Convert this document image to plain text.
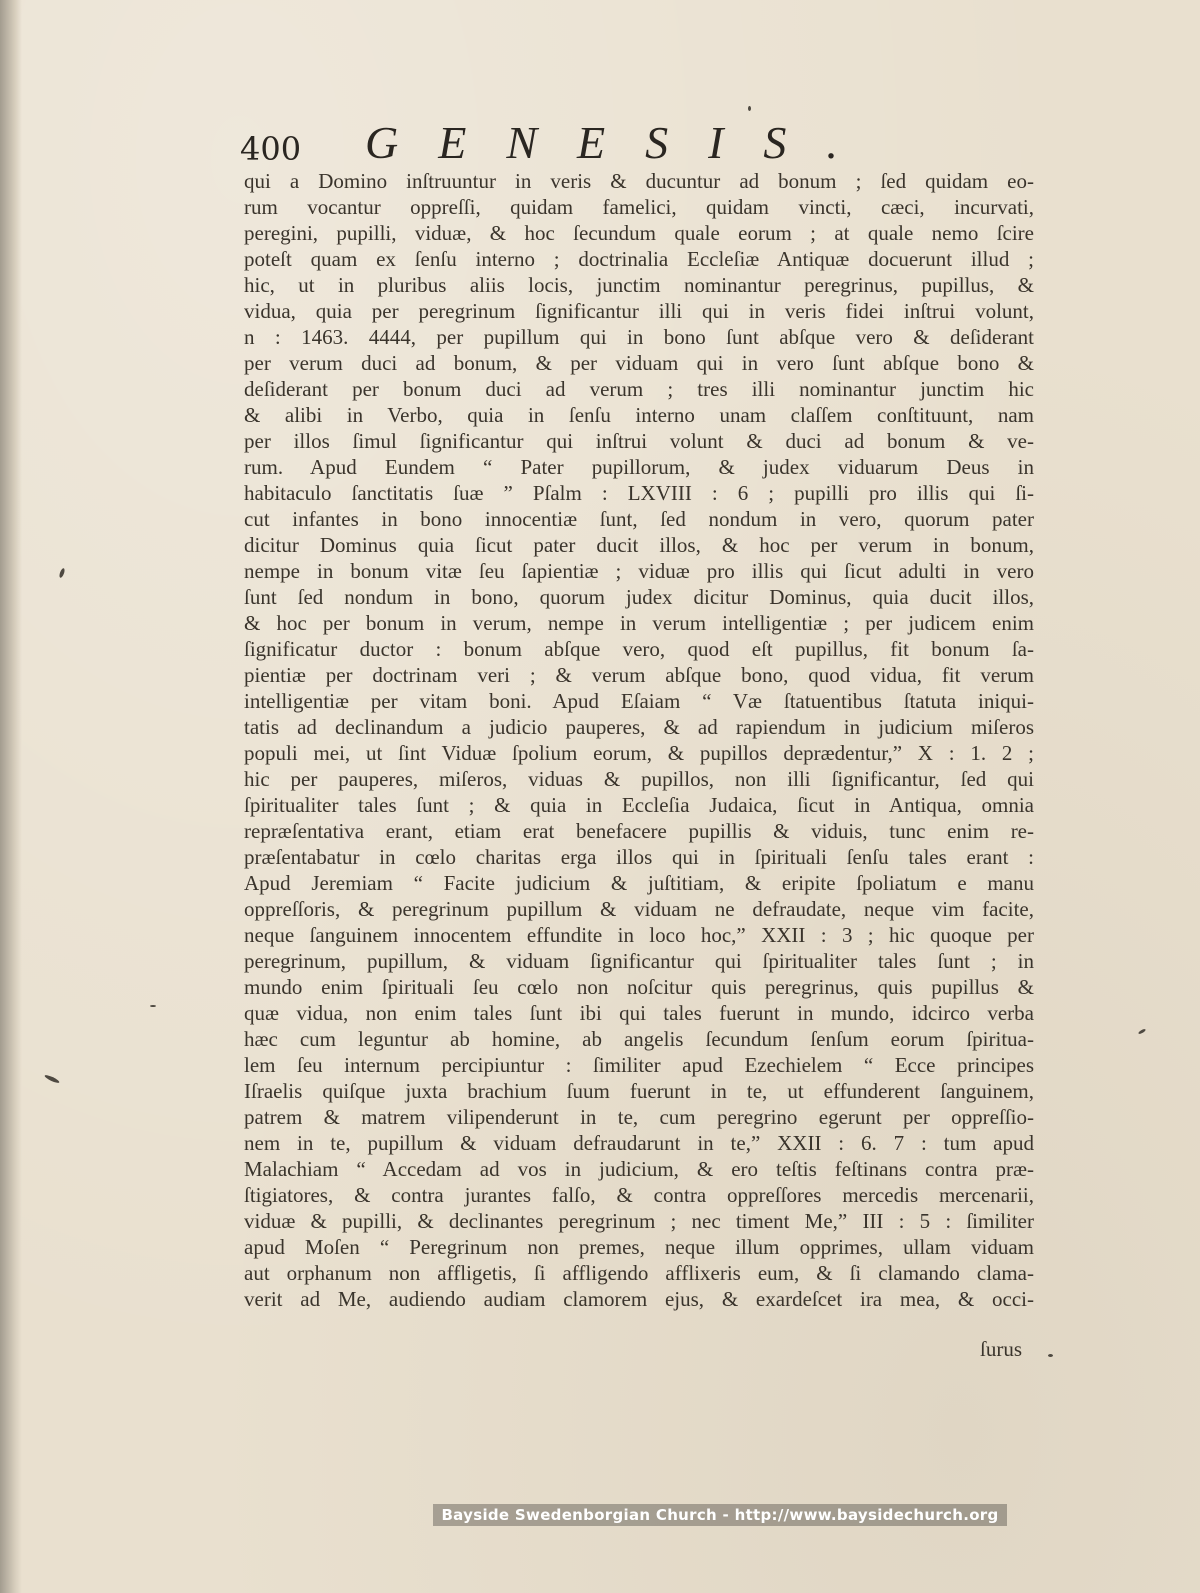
400 GENESIS.
qui a Domino inſtruuntur in veris & ducuntur ad bonum ; ſed quidam eo-
rum vocantur oppreſſi, quidam famelici, quidam vincti, cæci, incurvati,
peregini, pupilli, viduæ, & hoc ſecundum quale eorum ; at quale nemo ſcire
poteſt quam ex ſenſu interno ; doctrinalia Eccleſiæ Antiquæ docuerunt illud ;
hic, ut in pluribus aliis locis, junctim nominantur peregrinus, pupillus, &
vidua, quia per peregrinum ſignificantur illi qui in veris fidei inſtrui volunt,
n : 1463. 4444, per pupillum qui in bono ſunt abſque vero & deſiderant
per verum duci ad bonum, & per viduam qui in vero ſunt abſque bono &
deſiderant per bonum duci ad verum ; tres illi nominantur junctim hic
& alibi in Verbo, quia in ſenſu interno unam claſſem conſtituunt, nam
per illos ſimul ſignificantur qui inſtrui volunt & duci ad bonum & ve-
rum. Apud Eundem “ Pater pupillorum, & judex viduarum Deus in
habitaculo ſanctitatis ſuæ ” Pſalm : LXVIII : 6 ; pupilli pro illis qui ſi-
cut infantes in bono innocentiæ ſunt, ſed nondum in vero, quorum pater
dicitur Dominus quia ſicut pater ducit illos, & hoc per verum in bonum,
nempe in bonum vitæ ſeu ſapientiæ ; viduæ pro illis qui ſicut adulti in vero
ſunt ſed nondum in bono, quorum judex dicitur Dominus, quia ducit illos,
& hoc per bonum in verum, nempe in verum intelligentiæ ; per judicem enim
ſignificatur ductor : bonum abſque vero, quod eſt pupillus, fit bonum ſa-
pientiæ per doctrinam veri ; & verum abſque bono, quod vidua, fit verum
intelligentiæ per vitam boni. Apud Eſaiam “ Væ ſtatuentibus ſtatuta iniqui-
tatis ad declinandum a judicio pauperes, & ad rapiendum in judicium miſeros
populi mei, ut ſint Viduæ ſpolium eorum, & pupillos deprædentur,” X : 1. 2 ;
hic per pauperes, miſeros, viduas & pupillos, non illi ſignificantur, ſed qui
ſpiritualiter tales ſunt ; & quia in Eccleſia Judaica, ſicut in Antiqua, omnia
repræſentativa erant, etiam erat benefacere pupillis & viduis, tunc enim re-
præſentabatur in cœlo charitas erga illos qui in ſpirituali ſenſu tales erant :
Apud Jeremiam “ Facite judicium & juſtitiam, & eripite ſpoliatum e manu
oppreſſoris, & peregrinum pupillum & viduam ne defraudate, neque vim facite,
neque ſanguinem innocentem effundite in loco hoc,” XXII : 3 ; hic quoque per
peregrinum, pupillum, & viduam ſignificantur qui ſpiritualiter tales ſunt ; in
mundo enim ſpirituali ſeu cœlo non noſcitur quis peregrinus, quis pupillus &
quæ vidua, non enim tales ſunt ibi qui tales fuerunt in mundo, idcirco verba
hæc cum leguntur ab homine, ab angelis ſecundum ſenſum eorum ſpiritua-
lem ſeu internum percipiuntur : ſimiliter apud Ezechielem “ Ecce principes
Iſraelis quiſque juxta brachium ſuum fuerunt in te, ut effunderent ſanguinem,
patrem & matrem vilipenderunt in te, cum peregrino egerunt per oppreſſio-
nem in te, pupillum & viduam defraudarunt in te,” XXII : 6. 7 : tum apud
Malachiam “ Accedam ad vos in judicium, & ero teſtis feſtinans contra præ-
ſtigiatores, & contra jurantes falſo, & contra oppreſſores mercedis mercenarii,
viduæ & pupilli, & declinantes peregrinum ; nec timent Me,” III : 5 : ſimiliter
apud Moſen “ Peregrinum non premes, neque illum opprimes, ullam viduam
aut orphanum non affligetis, ſi affligendo afflixeris eum, & ſi clamando clama-
verit ad Me, audiendo audiam clamorem ejus, & exardeſcet ira mea, & occi-
ſurus
Bayside Swedenborgian Church - http://www.baysidechurch.org
